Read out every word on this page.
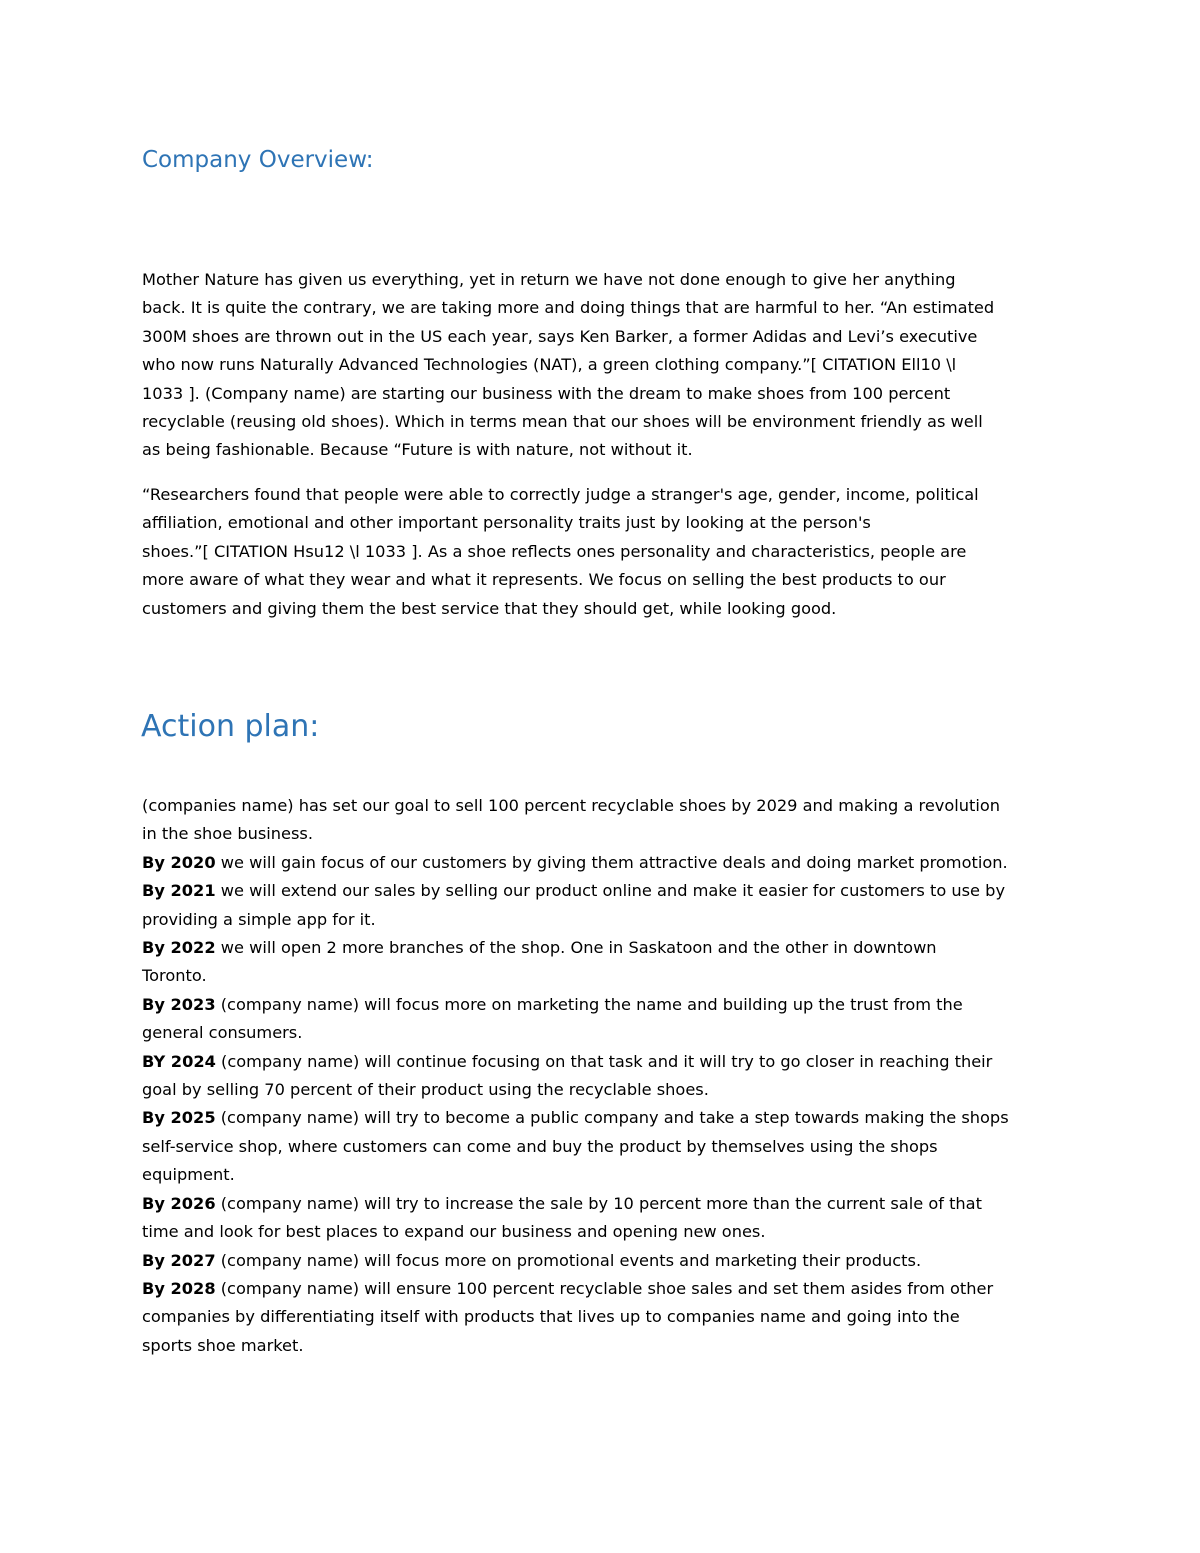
Company Overview:

Mother Nature has given us everything, yet in return we have not done enough to give her anything

back. It is quite the contrary, we are taking more and doing things that are harmful to her. “An estimated

300M shoes are thrown out in the US each year, says Ken Barker, a former Adidas and Levi’s executive

who now runs Naturally Advanced Technologies (NAT), a green clothing company.”[ CITATION Ell10 \l

1033 ]. (Company name) are starting our business with the dream to make shoes from 100 percent

recyclable (reusing old shoes). Which in terms mean that our shoes will be environment friendly as well

as being fashionable. Because “Future is with nature, not without it.

“Researchers found that people were able to correctly judge a stranger's age, gender, income, political

affiliation, emotional and other important personality traits just by looking at the person's

shoes.”[ CITATION Hsu12 \l 1033 ]. As a shoe reflects ones personality and characteristics, people are

more aware of what they wear and what it represents. We focus on selling the best products to our

customers and giving them the best service that they should get, while looking good.

Action plan:

(companies name) has set our goal to sell 100 percent recyclable shoes by 2029 and making a revolution

in the shoe business.

By 2020 we will gain focus of our customers by giving them attractive deals and doing market promotion.

By 2021 we will extend our sales by selling our product online and make it easier for customers to use by

providing a simple app for it.

By 2022 we will open 2 more branches of the shop. One in Saskatoon and the other in downtown

Toronto.

By 2023 (company name) will focus more on marketing the name and building up the trust from the

general consumers.

BY 2024 (company name) will continue focusing on that task and it will try to go closer in reaching their

goal by selling 70 percent of their product using the recyclable shoes.

By 2025 (company name) will try to become a public company and take a step towards making the shops

self-service shop, where customers can come and buy the product by themselves using the shops

equipment.

By 2026 (company name) will try to increase the sale by 10 percent more than the current sale of that

time and look for best places to expand our business and opening new ones.

By 2027 (company name) will focus more on promotional events and marketing their products.

By 2028 (company name) will ensure 100 percent recyclable shoe sales and set them asides from other

companies by differentiating itself with products that lives up to companies name and going into the

sports shoe market.
